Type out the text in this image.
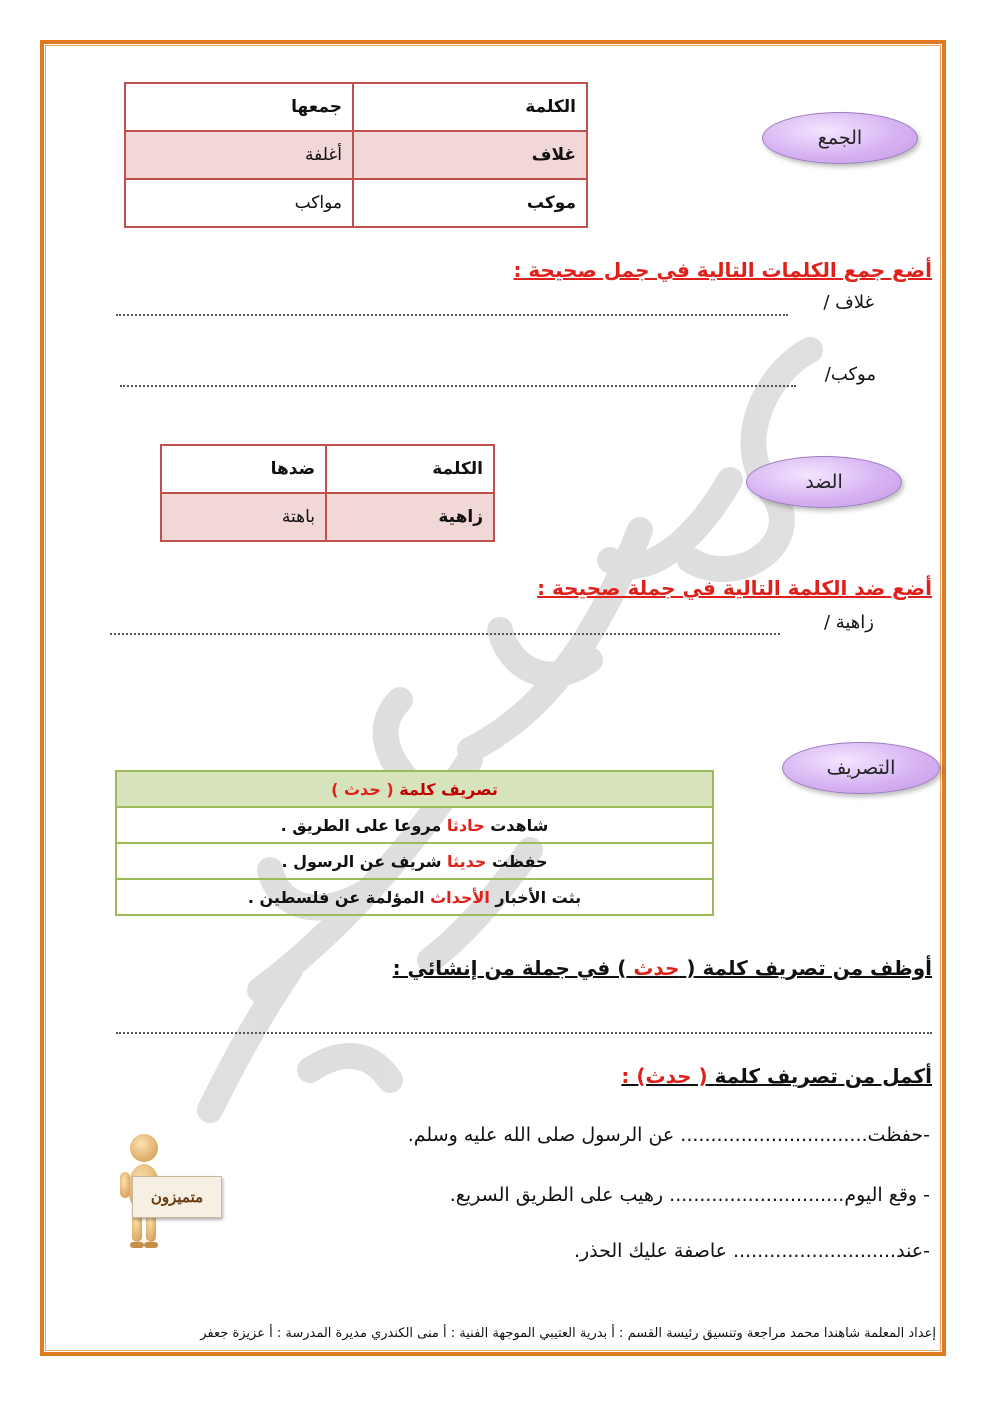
الجمع
الكلمة	جمعها
غلاف	أغلفة
موكب	مواكب
أضع جمع الكلمات التالية في جمل صحيحة :
غلاف /
موكب/
الضد
الكلمة	ضدها
زاهية	باهتة
أضع ضد الكلمة التالية في جملة صحيحة :
زاهية /
التصريف
تصريف كلمة ( حدث )
شاهدت حادثا مروعا على الطريق .
حفظت حديثا شريف عن الرسول .
بثت الأخبار الأحداث المؤلمة عن فلسطين .
أوظف من تصريف كلمة ( حدث ) في جملة من إنشائي :
أكمل من تصريف كلمة ( حدث) :
-حفظت............................... عن الرسول صلى الله عليه وسلم.
- وقع اليوم............................. رهيب على الطريق السريع.
-عند........................... عاصفة عليك الحذر.
متميزون
إعداد المعلمة شاهندا محمد مراجعة وتنسيق رئيسة القسم : أ بدرية العتيبي الموجهة الفنية : أ منى الكندري مديرة المدرسة : أ عزيزة جعفر
